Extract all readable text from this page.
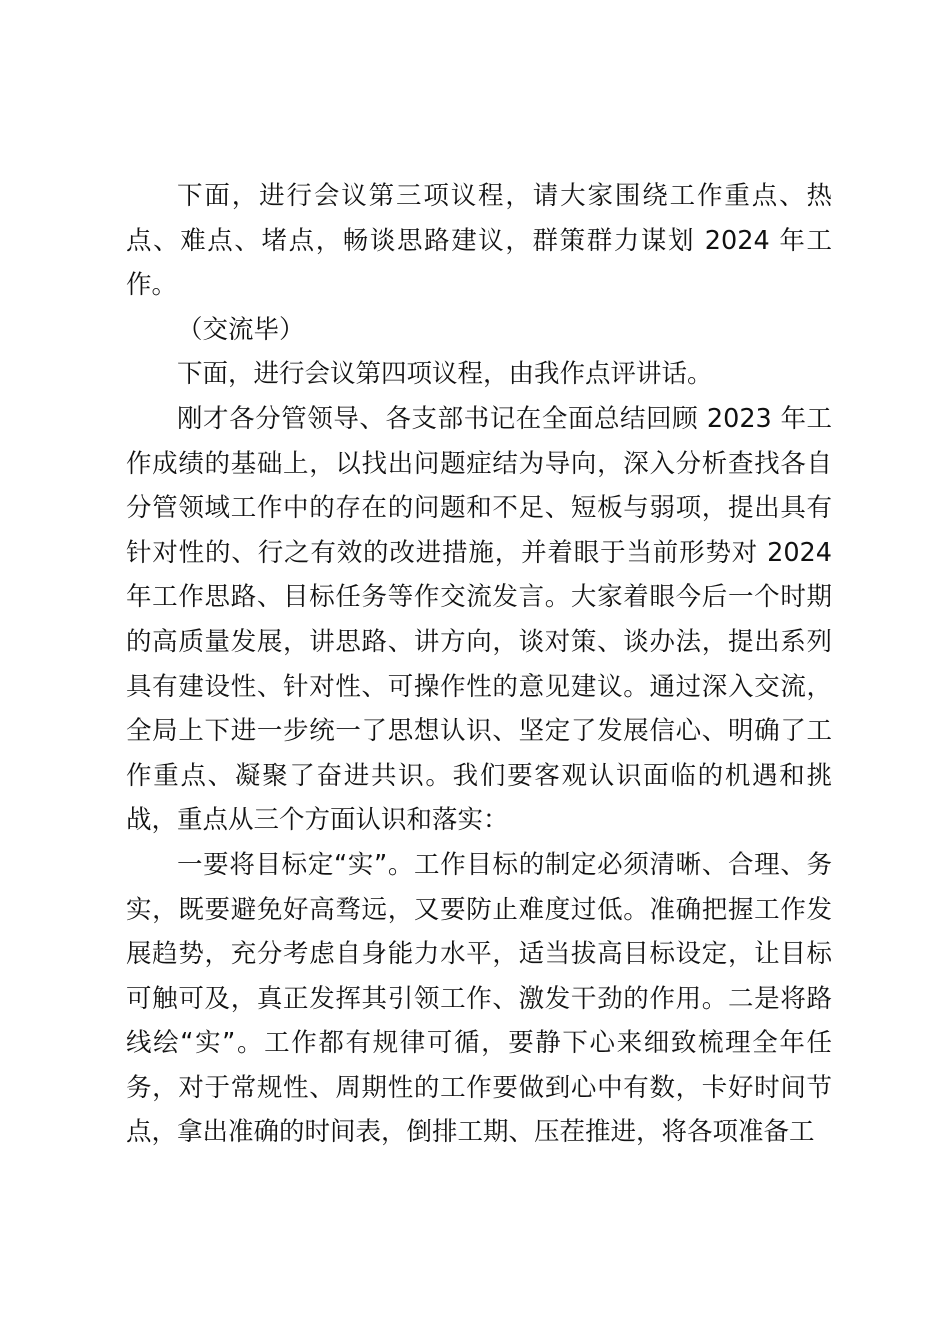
下面，进行会议第三项议程，请大家围绕工作重点、热点、难点、堵点，畅谈思路建议，群策群力谋划 2024 年工作。

（交流毕）

下面，进行会议第四项议程，由我作点评讲话。

刚才各分管领导、各支部书记在全面总结回顾 2023 年工作成绩的基础上，以找出问题症结为导向，深入分析查找各自分管领域工作中的存在的问题和不足、短板与弱项，提出具有针对性的、行之有效的改进措施，并着眼于当前形势对 2024 年工作思路、目标任务等作交流发言。大家着眼今后一个时期的高质量发展，讲思路、讲方向，谈对策、谈办法，提出系列具有建设性、针对性、可操作性的意见建议。通过深入交流，全局上下进一步统一了思想认识、坚定了发展信心、明确了工作重点、凝聚了奋进共识。我们要客观认识面临的机遇和挑战，重点从三个方面认识和落实：

一要将目标定“实”。工作目标的制定必须清晰、合理、务实，既要避免好高骛远，又要防止难度过低。准确把握工作发展趋势，充分考虑自身能力水平，适当拔高目标设定，让目标可触可及，真正发挥其引领工作、激发干劲的作用。二是将路线绘“实”。工作都有规律可循，要静下心来细致梳理全年任务，对于常规性、周期性的工作要做到心中有数，卡好时间节点，拿出准确的时间表，倒排工期、压茬推进，将各项准备工
